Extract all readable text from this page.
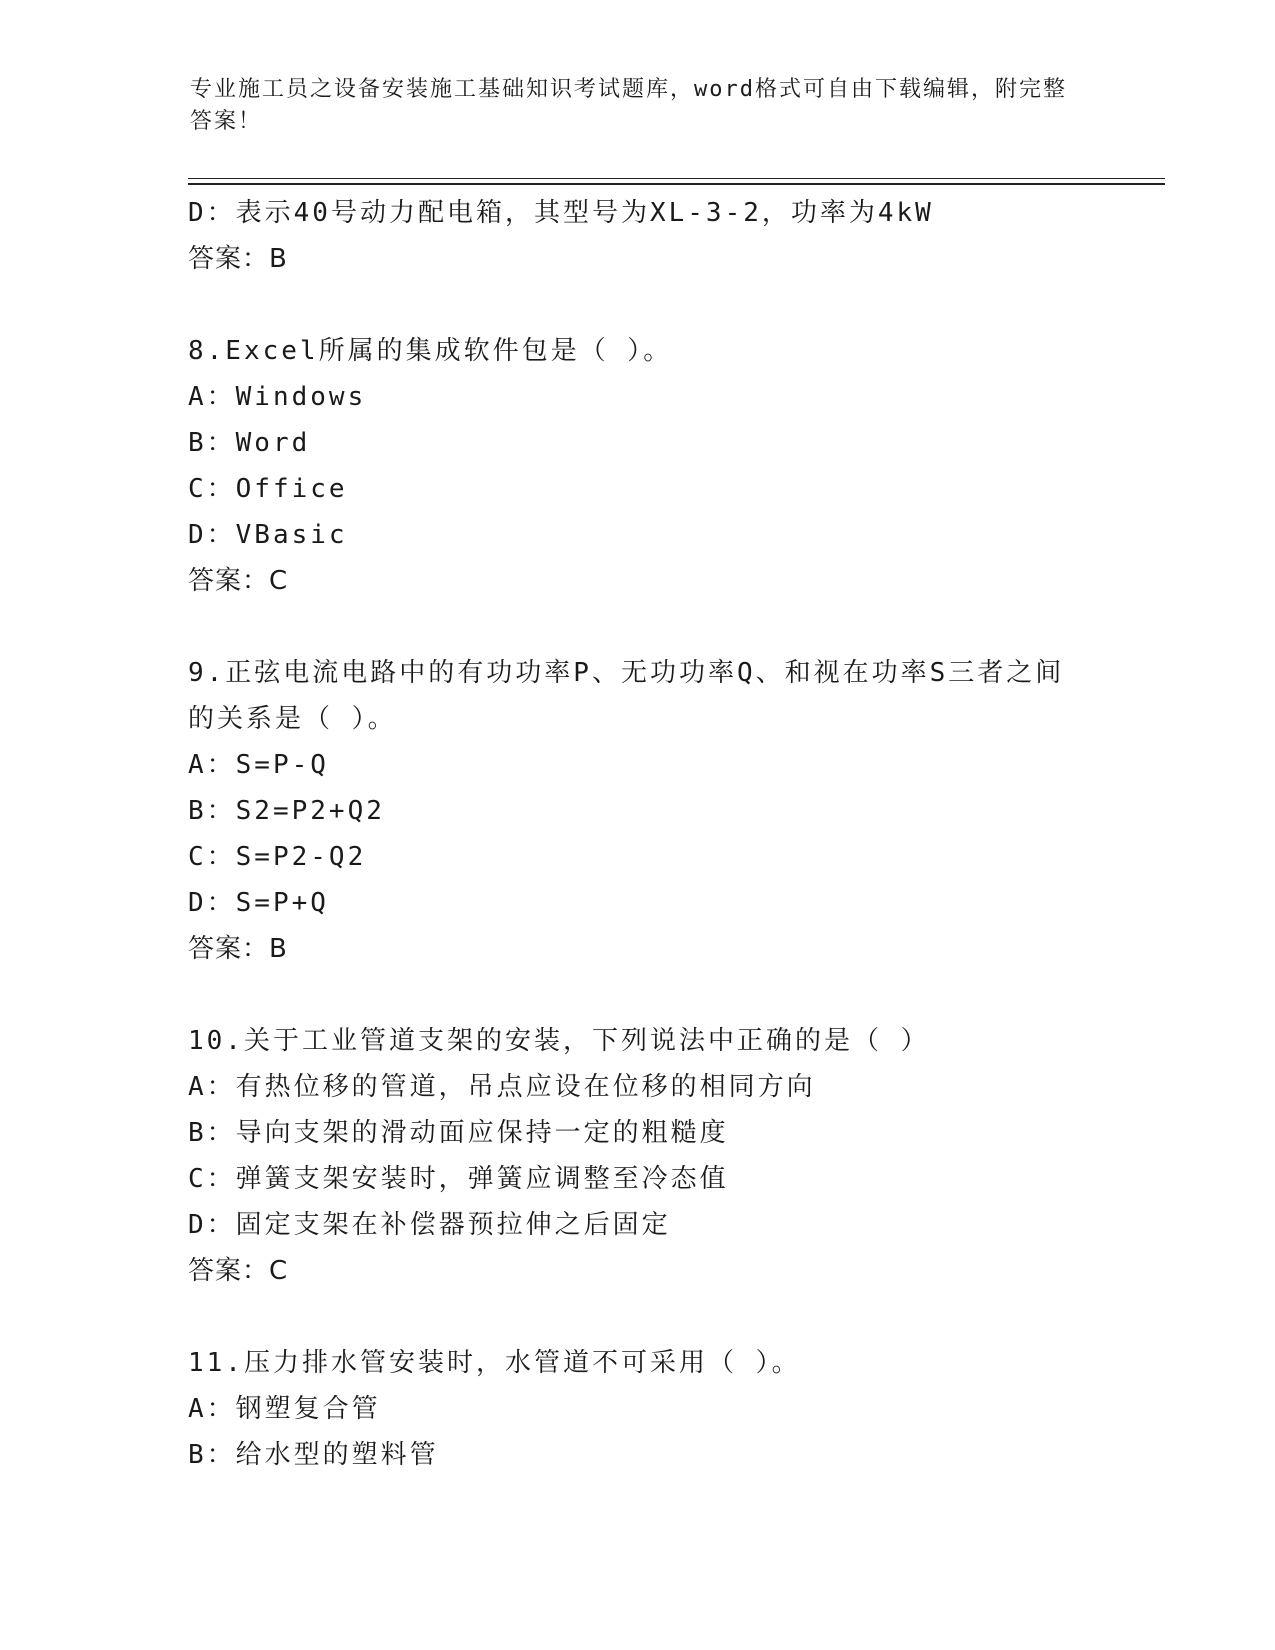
专业施工员之设备安装施工基础知识考试题库，word格式可自由下载编辑，附完整答案！
D：表示40号动力配电箱，其型号为XL-3-2，功率为4kW
答案：B
8.Excel所属的集成软件包是（ ）。
A：Windows
B：Word
C：Office
D：VBasic
答案：C
9.正弦电流电路中的有功功率P、无功功率Q、和视在功率S三者之间
的关系是（ ）。
A：S=P-Q
B：S2=P2+Q2
C：S=P2-Q2
D：S=P+Q
答案：B
10.关于工业管道支架的安装，下列说法中正确的是（ ）
A：有热位移的管道，吊点应设在位移的相同方向
B：导向支架的滑动面应保持一定的粗糙度
C：弹簧支架安装时，弹簧应调整至冷态值
D：固定支架在补偿器预拉伸之后固定
答案：C
11.压力排水管安装时，水管道不可采用（ ）。
A：钢塑复合管
B：给水型的塑料管
